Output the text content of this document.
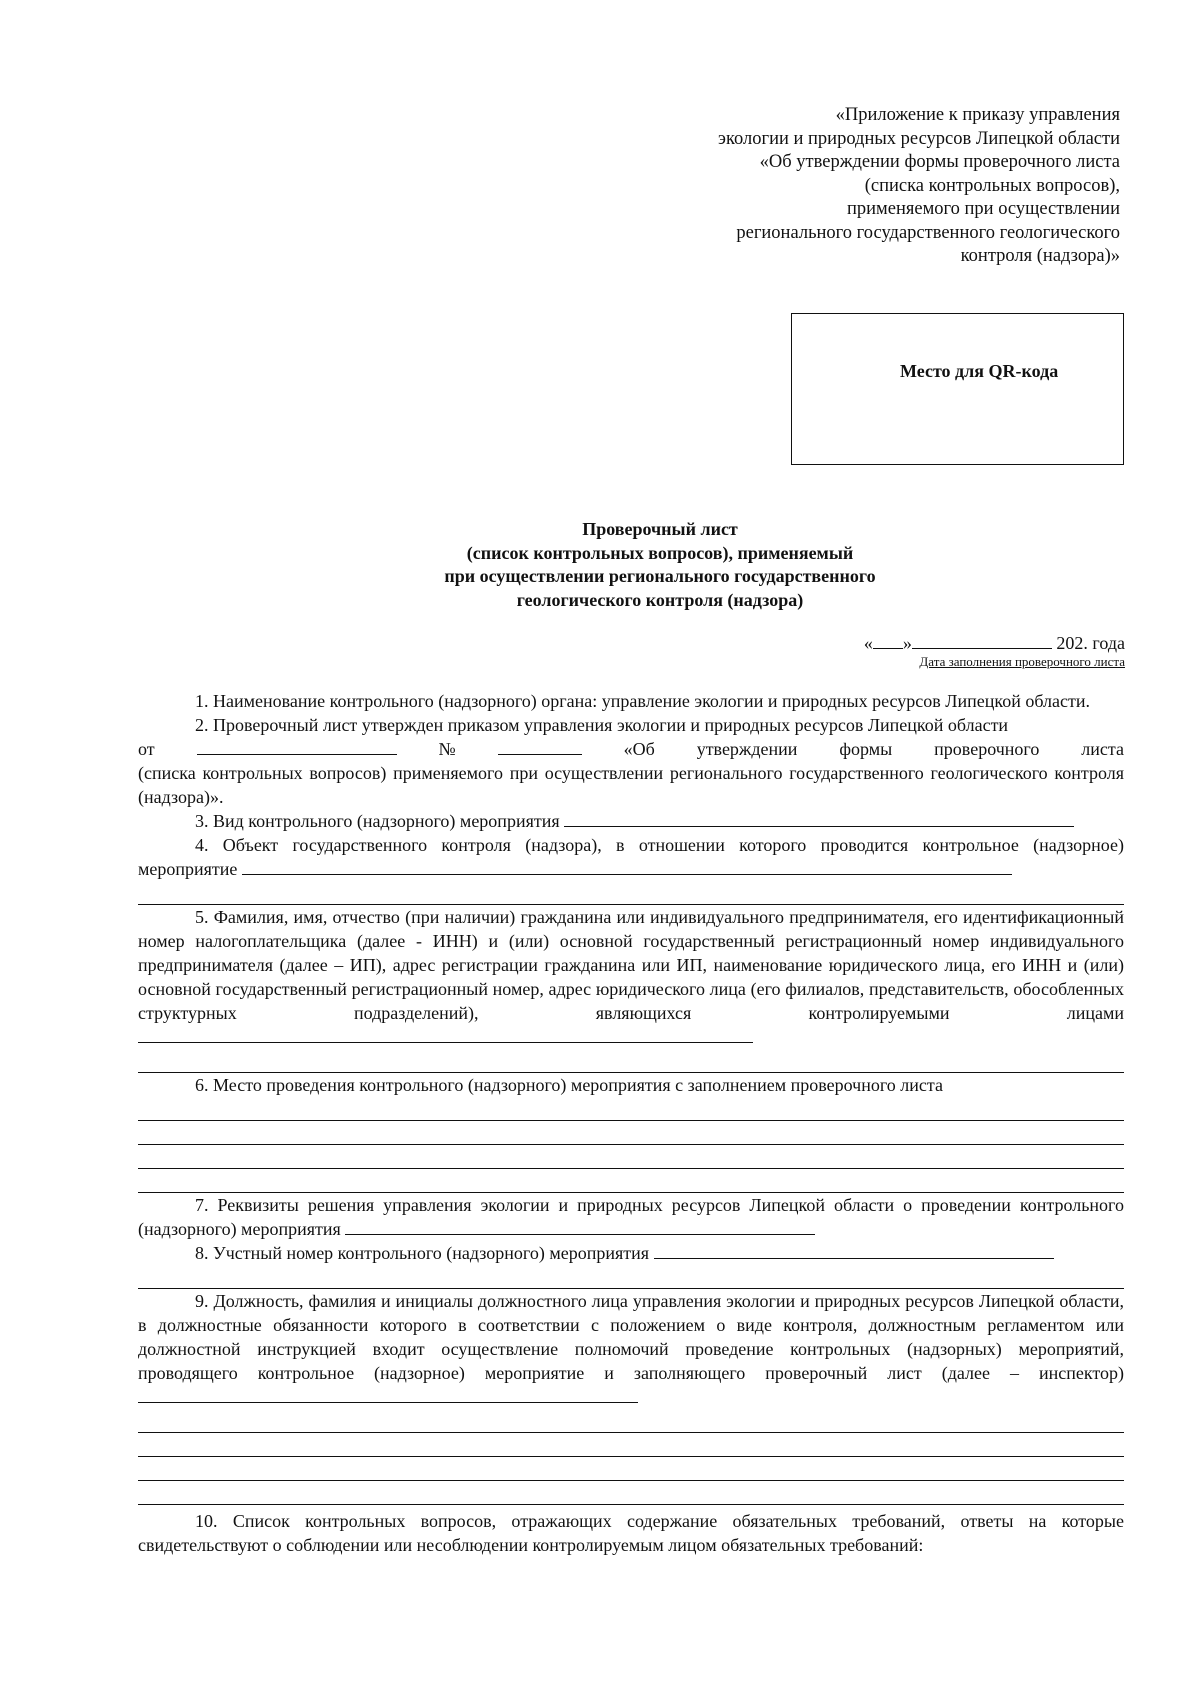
«Приложение к приказу управления
экологии и природных ресурсов Липецкой области
«Об утверждении формы проверочного листа
(списка контрольных вопросов),
применяемого при осуществлении
регионального государственного геологического
контроля (надзора)»
Место для QR-кода
Проверочный лист
(список контрольных вопросов), применяемый
при осуществлении регионального государственного
геологического контроля (надзора)
« »	202. года
Дата заполнения проверочного листа

1. Наименование контрольного (надзорного) органа: управление экологии и природных ресурсов Липецкой области.

2. Проверочный лист утвержден приказом управления экологии и природных ресурсов Липецкой области

от	№	«Об утверждении формы проверочного листа

(списка контрольных вопросов) применяемого при осуществлении регионального государственного геологического контроля (надзора)».

3. Вид контрольного (надзорного) мероприятия

4. Объект государственного контроля (надзора), в отношении которого проводится контрольное (надзорное) мероприятие

5. Фамилия, имя, отчество (при наличии) гражданина или индивидуального предпринимателя, его идентификационный номер налогоплательщика (далее - ИНН) и (или) основной государственный регистрационный номер индивидуального предпринимателя (далее – ИП), адрес регистрации гражданина или ИП, наименование юридического лица, его ИНН и (или) основной государственный регистрационный номер, адрес юридического лица (его филиалов, представительств, обособленных структурных подразделений), являющихся контролируемыми лицами

6. Место проведения контрольного (надзорного) мероприятия с заполнением проверочного листа

7. Реквизиты решения управления экологии и природных ресурсов Липецкой области о проведении контрольного (надзорного) мероприятия

8. Учстный номер контрольного (надзорного) мероприятия

9. Должность, фамилия и инициалы должностного лица управления экологии и природных ресурсов Липецкой области, в должностные обязанности которого в соответствии с положением о виде контроля, должностным регламентом или должностной инструкцией входит осуществление полномочий проведение контрольных (надзорных) мероприятий, проводящего контрольное (надзорное) мероприятие и заполняющего проверочный лист (далее – инспектор)

10. Список контрольных вопросов, отражающих содержание обязательных требований, ответы на которые свидетельствуют о соблюдении или несоблюдении контролируемым лицом обязательных требований:
